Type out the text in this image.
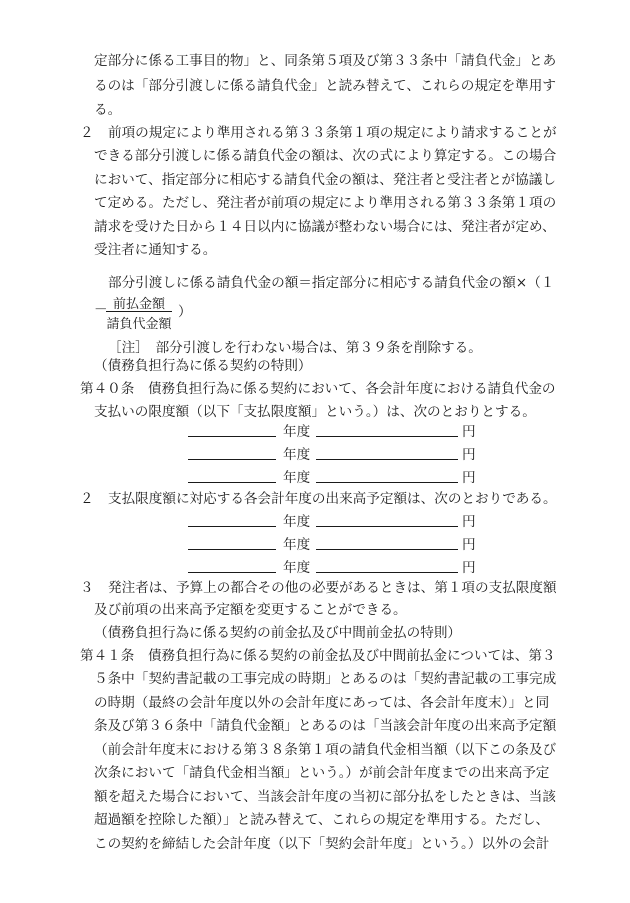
定部分に係る工事目的物」と、同条第５項及び第３３条中「請負代金」とあ
るのは「部分引渡しに係る請負代金」と読み替えて、これらの規定を準用す
る。
２ 前項の規定により準用される第３３条第１項の規定により請求することが
できる部分引渡しに係る請負代金の額は、次の式により算定する。この場合
において、指定部分に相応する請負代金の額は、発注者と受注者とが協議し
て定める。ただし、発注者が前項の規定により準用される第３３条第１項の
請求を受けた日から１４日以内に協議が整わない場合には、発注者が定め、
受注者に通知する。
部分引渡しに係る請負代金の額＝指定部分に相応する請負代金の額×（１
－ 前払金額
請負代金額
）
［注］　部分引渡しを行わない場合は、第３９条を削除する。
（債務負担行為に係る契約の特則）
第４０条　債務負担行為に係る契約において、各会計年度における請負代金の
支払いの限度額（以下「支払限度額」という。）は、次のとおりとする。
年度	円
年度	円
年度	円
２ 支払限度額に対応する各会計年度の出来高予定額は、次のとおりである。
年度	円
年度	円
年度	円
３ 発注者は、予算上の都合その他の必要があるときは、第１項の支払限度額
及び前項の出来高予定額を変更することができる。
（債務負担行為に係る契約の前金払及び中間前金払の特則）
第４１条　債務負担行為に係る契約の前金払及び中間前払金については、第３
５条中「契約書記載の工事完成の時期」とあるのは「契約書記載の工事完成
の時期（最終の会計年度以外の会計年度にあっては、各会計年度末）」と同
条及び第３６条中「請負代金額」とあるのは「当該会計年度の出来高予定額
（前会計年度末における第３８条第１項の請負代金相当額（以下この条及び
次条において「請負代金相当額」という。）が前会計年度までの出来高予定
額を超えた場合において、当該会計年度の当初に部分払をしたときは、当該
超過額を控除した額）」と読み替えて、これらの規定を準用する。ただし、
この契約を締結した会計年度（以下「契約会計年度」という。）以外の会計
